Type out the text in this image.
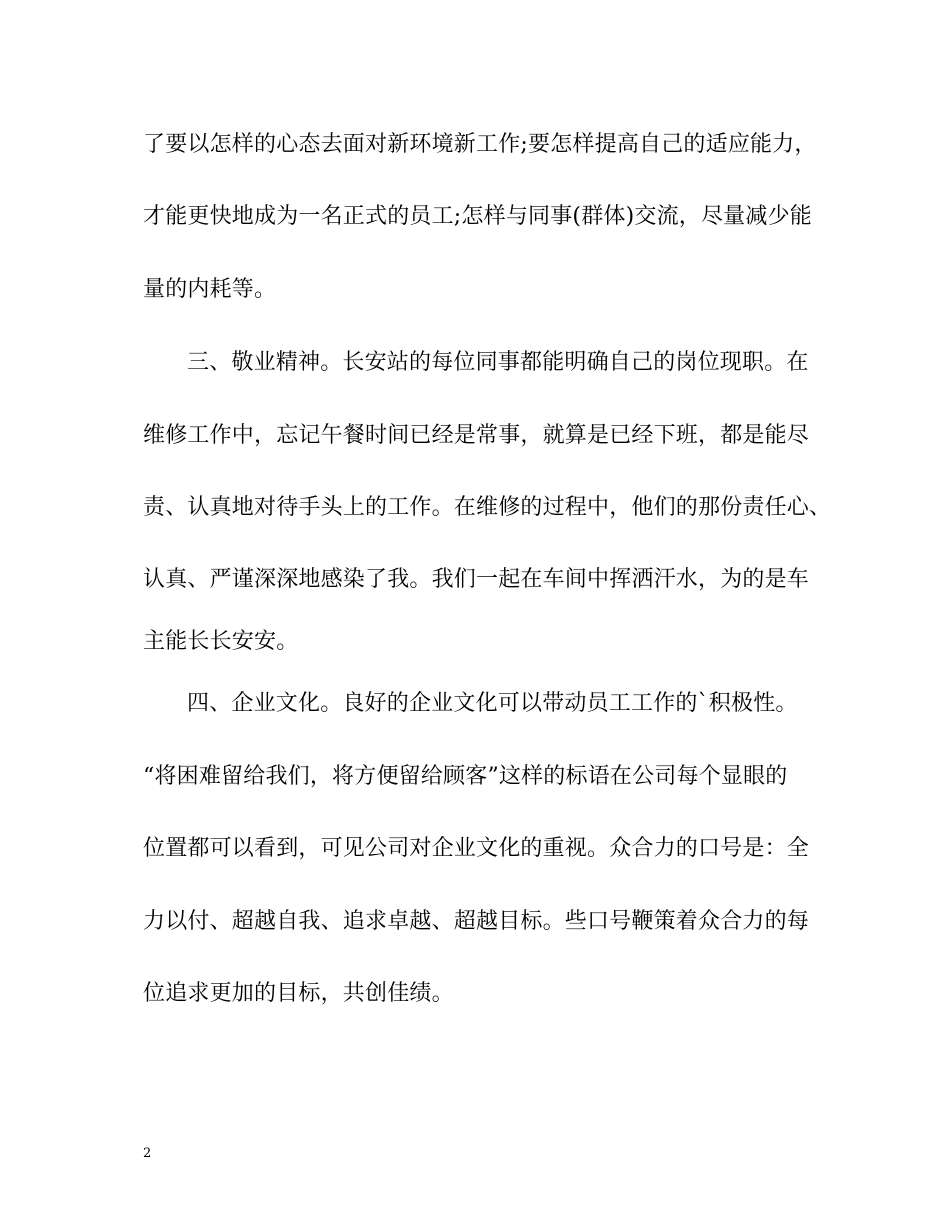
了要以怎样的心态去面对新环境新工作;要怎样提高自己的适应能力，
才能更快地成为一名正式的员工;怎样与同事(群体)交流，尽量减少能
量的内耗等。
三、敬业精神。长安站的每位同事都能明确自己的岗位现职。在
维修工作中，忘记午餐时间已经是常事，就算是已经下班，都是能尽
责、认真地对待手头上的工作。在维修的过程中，他们的那份责任心、
认真、严谨深深地感染了我。我们一起在车间中挥洒汗水，为的是车
主能长长安安。
四、企业文化。良好的企业文化可以带动员工工作的`积极性。
“将困难留给我们，将方便留给顾客”这样的标语在公司每个显眼的
位置都可以看到，可见公司对企业文化的重视。众合力的口号是：全
力以付、超越自我、追求卓越、超越目标。些口号鞭策着众合力的每
位追求更加的目标，共创佳绩。
2
